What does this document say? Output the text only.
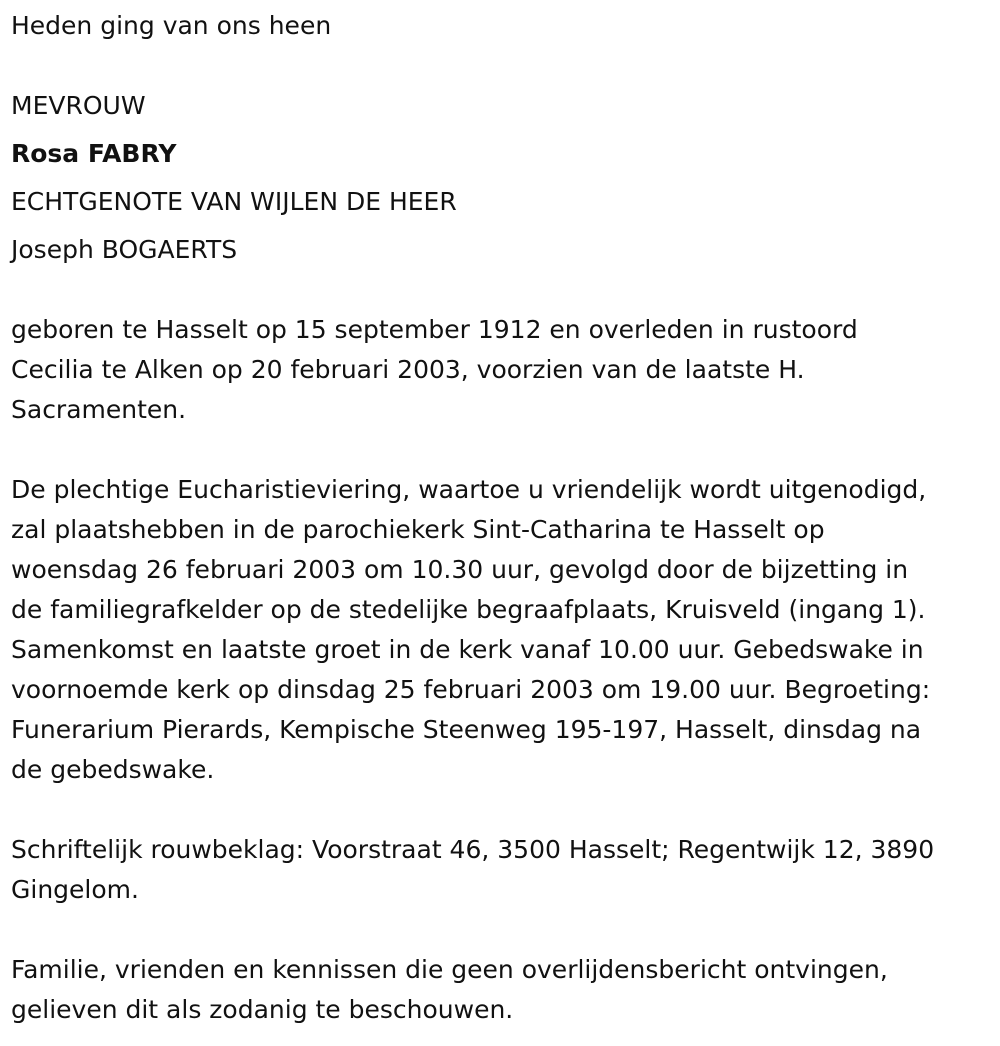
Heden ging van ons heen

MEVROUW

Rosa FABRY

ECHTGENOTE VAN WIJLEN DE HEER

Joseph BOGAERTS

geboren te Hasselt op 15 september 1912 en overleden in rustoord

Cecilia te Alken op 20 februari 2003, voorzien van de laatste H.

Sacramenten.

De plechtige Eucharistieviering, waartoe u vriendelijk wordt uitgenodigd,

zal plaatshebben in de parochiekerk Sint-Catharina te Hasselt op

woensdag 26 februari 2003 om 10.30 uur, gevolgd door de bijzetting in

de familiegrafkelder op de stedelijke begraafplaats, Kruisveld (ingang 1).

Samenkomst en laatste groet in de kerk vanaf 10.00 uur. Gebedswake in

voornoemde kerk op dinsdag 25 februari 2003 om 19.00 uur. Begroeting:

Funerarium Pierards, Kempische Steenweg 195-197, Hasselt, dinsdag na

de gebedswake.

Schriftelijk rouwbeklag: Voorstraat 46, 3500 Hasselt; Regentwijk 12, 3890

Gingelom.

Familie, vrienden en kennissen die geen overlijdensbericht ontvingen,

gelieven dit als zodanig te beschouwen.
